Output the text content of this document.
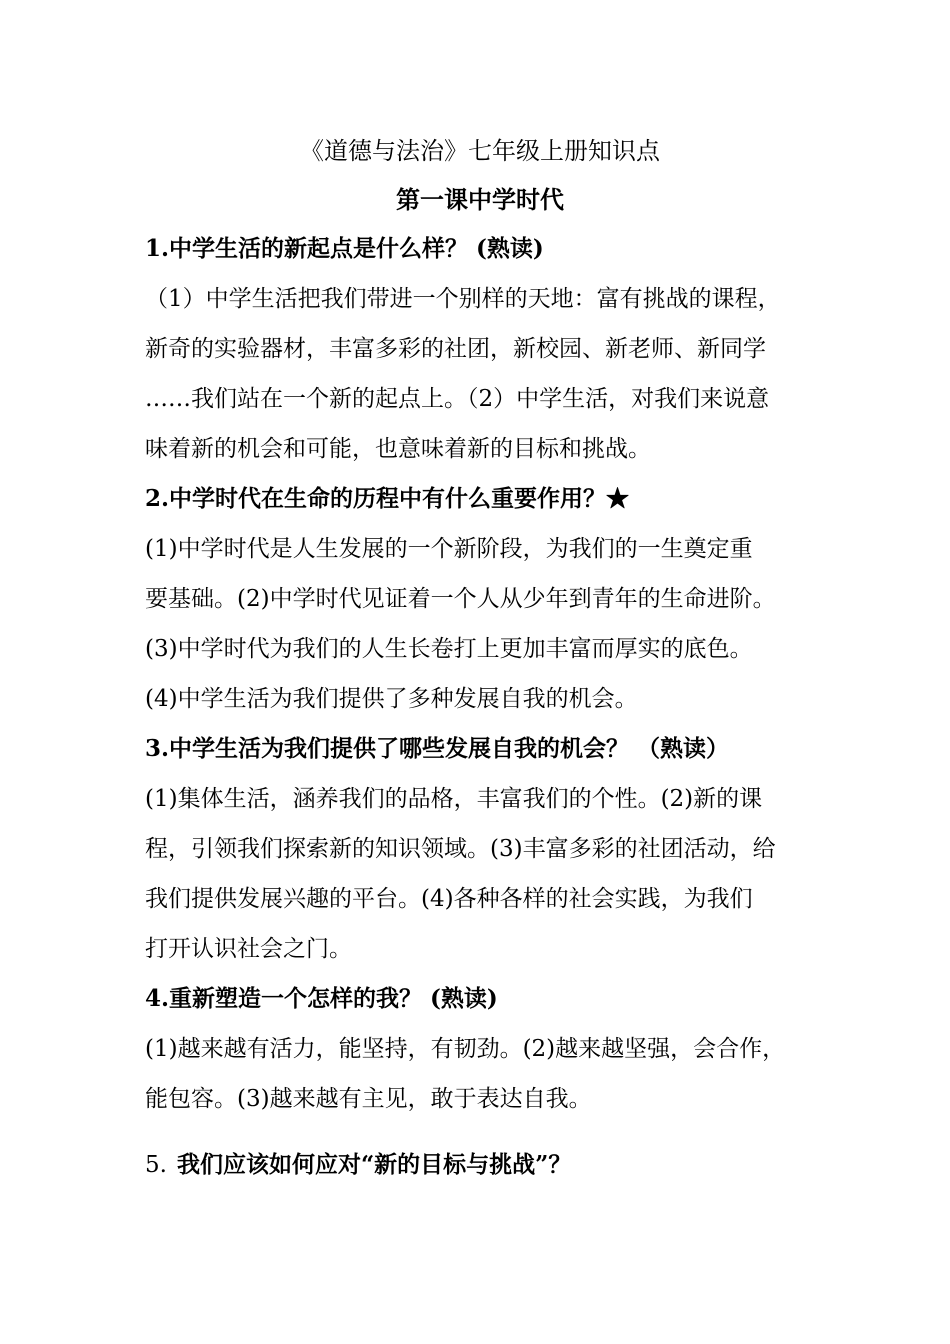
《道德与法治》七年级上册知识点
第一课中学时代
1.中学生活的新起点是什么样？ (熟读)
（1）中学生活把我们带进一个别样的天地：富有挑战的课程，
新奇的实验器材，丰富多彩的社团，新校园、新老师、新同学
……我们站在一个新的起点上。（2）中学生活，对我们来说意
味着新的机会和可能，也意味着新的目标和挑战。
2.中学时代在生命的历程中有什么重要作用？★
(1)中学时代是人生发展的一个新阶段，为我们的一生奠定重
要基础。(2)中学时代见证着一个人从少年到青年的生命进阶。
(3)中学时代为我们的人生长卷打上更加丰富而厚实的底色。
(4)中学生活为我们提供了多种发展自我的机会。
3.中学生活为我们提供了哪些发展自我的机会？ （熟读）
(1)集体生活，涵养我们的品格，丰富我们的个性。(2)新的课
程，引领我们探索新的知识领域。(3)丰富多彩的社团活动，给
我们提供发展兴趣的平台。(4)各种各样的社会实践，为我们
打开认识社会之门。
4.重新塑造一个怎样的我？ (熟读)
(1)越来越有活力，能坚持，有韧劲。(2)越来越坚强，会合作，
能包容。(3)越来越有主见，敢于表达自我。
5. 我们应该如何应对“新的目标与挑战”？
